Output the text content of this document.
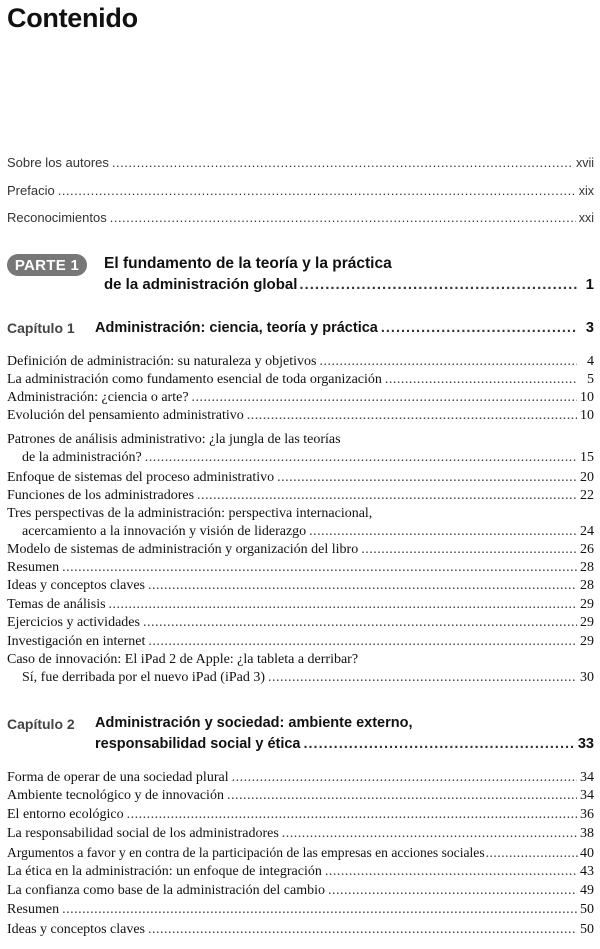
Contenido
Sobre los autores .....	xvii
Prefacio .....	xix
Reconocimientos .....	xxi
PARTE 1	El fundamento de la teoría y la práctica
de la administración global .....	1
Capítulo 1 Administración: ciencia, teoría y práctica .....	3
Definición de administración: su naturaleza y objetivos .....	4
La administración como fundamento esencial de toda organización .....	5
Administración: ¿ciencia o arte? .....	10
Evolución del pensamiento administrativo .....	10
Patrones de análisis administrativo: ¿la jungla de las teorías
de la administración? .....	15
Enfoque de sistemas del proceso administrativo .....	20
Funciones de los administradores .....	22
Tres perspectivas de la administración: perspectiva internacional,
acercamiento a la innovación y visión de liderazgo .....	24
Modelo de sistemas de administración y organización del libro .....	26
Resumen .....	28
Ideas y conceptos claves .....	28
Temas de análisis .....	29
Ejercicios y actividades .....	29
Investigación en internet .....	29
Caso de innovación: El iPad 2 de Apple: ¿la tableta a derribar?
Sí, fue derribada por el nuevo iPad (iPad 3) .....	30
Capítulo 2 Administración y sociedad: ambiente externo,
responsabilidad social y ética .....	33
Forma de operar de una sociedad plural .....	34
Ambiente tecnológico y de innovación .....	34
El entorno ecológico .....	36
La responsabilidad social de los administradores .....	38
Argumentos a favor y en contra de la participación de las empresas en acciones sociales .....	40
La ética en la administración: un enfoque de integración .....	43
La confianza como base de la administración del cambio .....	49
Resumen .....	50
Ideas y conceptos claves .....	50
